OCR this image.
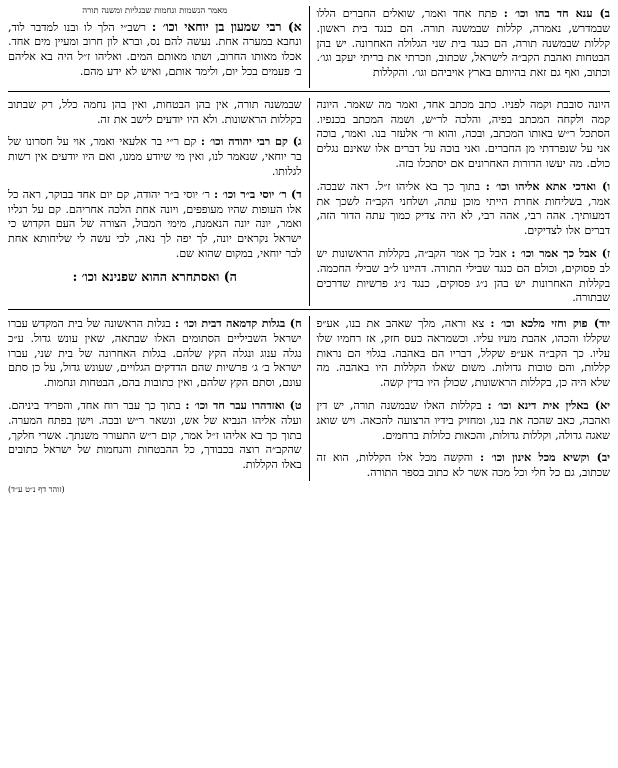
ב) ענא חד בהו וכו׳ : פתח אחד ואמר, שואלים החברים הללו שבמדרש, נאמרה, קללות שבמשנה תורה. הם כנגד בית ראשון. קללות שבמשנה תורה, הם כנגד בית שני הגלולה האחרונה. יש בהן הבטחות ואהבת הקב״ה לישראל, שכתוב, וזכרתי את בריתי יעקב וגו׳. וכתוב, ואף גם זאת בהיותם בארץ אויביהם וגו׳. והקללות

מאמר הנשמות ונחמות שבגליות ומשנה תורה

א) רבי שמעון בן יוחאי וכו׳ : רשב״י הלך לו ובנו למדבר לוד, ונחבא במערה אחת. נעשה להם נס, וברא לון חרוב ומעיין מים אחד. אכלו מאותו החרוב, ושתו מאותם המים. ואליהו ז״ל היה בא אליהם ב׳ פעמים בכל יום, ולימד אותם, ואיש לא ידע מהם.

היונה סובבת וקמה לפניו. כתב מכתב אחד, ואמר מה שאמר. היונה קמה ולקחה המכתב בפיה, והלכה לר״ש, ושמה המכתב בכנפיו. הסתכל ר״ש באותו המכתב, ובכה, והוא ור׳ אלעזר בנו. ואמר, בוכה אני על שנפרדתי מן החברים. ואני בוכה על דברים אלו שאינם נגלים כולם. מה יעשו הדורות האחרונים אם יסתכלו בזה.

ו) ואדכי אתא אליהו וכו׳ : בתוך כך בא אליהו ז״ל. ראה שבכה. אמר, בשליחות אחרת הייתי מוכן עתה, ושלחני הקב״ה לשכך את דמעותיך. אהה רבי, אהה רבי, לא היה צדיק כמוך עתה הדור הזה, דברים אלו לצדיקים.

ז) אבל כך אמר וכו׳ : אבל כך אמר הקב״ה, בקללות הראשונות יש לב פסוקים, וכולם הם כנגד שבילי התורה. דהיינו ל״ב שבילי החכמה. בקללות האחרונות יש בהן נ״ג פסוקים, כנגד נ״ג פרשיות שדרכים שבתורה.

שבמשנה תורה, אין בהן הבטחות, ואין בהן נחמה כלל, רק שבתוב בקללות הראשונות. ולא היו יודעים לישב את זה.

ג) קם רבי יהודה וכו׳ : קם ר״י בר אלעאי ואמר, אוי על חסרונו של בר יוחאי, שנאמר לנו, ואין מי שיודע ממנו, ואם היו יודעים אין רשות לגלותו.

ד) ר׳ יוסי ב״ר וכו׳ : ר׳ יוסי ב״ר יהודה, קם יום אחד בבוקר, ראה כל אלו העופות שהיו מעופפים, ויונה אחת הלכה אחריהם. קם על רגליו ואמר, יונה יונה הנאמנת, מימי המבול, הצורה של העם הקדוש כי ישראל נקראים יונה, לך יפה לך נאה, לכי עשה לי שליחותא אחת לבר יוחאי, במקום שהוא שם.

ה) ואסתחרא ההוא שפנינא וכו׳ :

יוד) פוק וחזי מלכא וכו׳ : צא וראה, מלך שאהב את בנו, אע״פ שקללו והכהו, אהבת מעיו עליו. וכשמראה כעס חזק, אז רחמיו שלו עליו. כך הקב״ה אע״פ שקלל, דבריו הם באהבה. בגלוי הם נראות קללות, והם טובות גדולות. משום שאלו הקללות היו באהבה. מה שלא היה כן, בקללות הראשונות, שכולן היו בדין קשה.

יא) באלין אית דינא וכו׳ : בקללות האלו שבמשנה תורה, יש דין ואהבה, כאב שהכה את בנו, ומחזיק בידיו הרצועה להכאה. ויש שואג שאגה גדולה, וקללות גדולות, והכאות כלולות ברחמים.

יב) וקשיא מכל אינון וכו׳ : והקשה מכל אלו הקללות, הוא זה שכתוב, גם כל חלי וכל מכה אשר לא כתוב בספר התורה.

ח) בגלות קדמאה דבית וכו׳ : בגלות הראשונה של בית המקדש עברו ישראל השביליים הסתומים האלו שבתאה, שאין עונש גדול. ע״כ נגלה ענוג ונגלה הקץ שלהם. בגלות האחרונה של בית שני, עברו ישראל ב׳ ג׳ פרשיות שהם הדדקים הגלויים, שעונש גדול, על כן סתם עונם, וסתם הקץ שלהם, ואין כתובות בהם, הבטחות ונחמות.

ט) ואזדהרו עבר חד וכו׳ : בתוך כך עבר רוח אחד, והפריד ביניהם. ועלה אליהו הנביא של אש, ונשאר ר״ש ובכה. וישן בפתח המערה. בתוך כך בא אליהו ז״ל אמר, קום ר״ש התעורר משנתך. אשרי חלקך, שהקב״ה רוצה בכבודך, כל ההבטחות והנחמות של ישראל כתובים באלו הקללות.

(זוהר דף נ״ט ע״ד)
